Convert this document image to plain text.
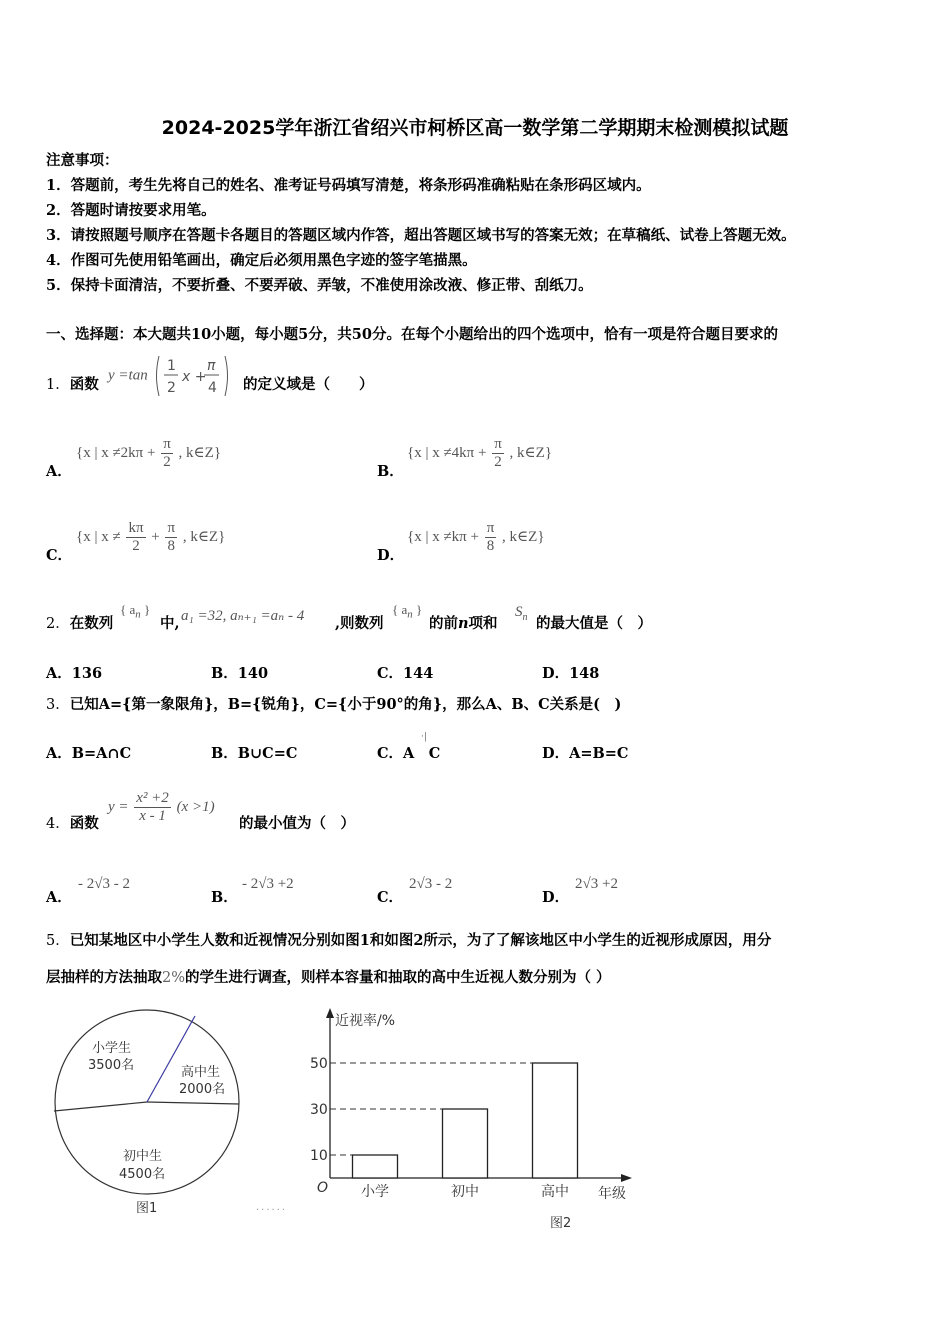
2024-2025学年浙江省绍兴市柯桥区高一数学第二学期期末检测模拟试题
注意事项：
1．答题前，考生先将自己的姓名、准考证号码填写清楚，将条形码准确粘贴在条形码区域内。
2．答题时请按要求用笔。
3．请按照题号顺序在答题卡各题目的答题区域内作答，超出答题区域书写的答案无效；在草稿纸、试卷上答题无效。
4．作图可先使用铅笔画出，确定后必须用黑色字迹的签字笔描黑。
5．保持卡面清洁，不要折叠、不要弄破、弄皱，不准使用涂改液、修正带、刮纸刀。
一、选择题：本大题共10小题，每小题5分，共50分。在每个小题给出的四个选项中，恰有一项是符合题目要求的
1．函数
y =tan
1
2
x +
π
4 的定义域是（　　）
A．
{x | $x \ne 2k\pi + \frac{\pi}{2}$ , k∈Z}
B．
{x | $x \ne 4k\pi + \frac{\pi}{2}$ , k∈Z}
C．
{x | $x \ne \frac{k\pi}{2} + \frac{\pi}{8}$ , k∈Z}
D．
{x | $x \ne k\pi + \frac{\pi}{8}$ , k∈Z}
2．在数列
{ $a_n$ }
中, a₁ =32, aₙ₊₁ =aₙ - 4 ,则数列
{ $a_n$ }
的前n项和
$S_n$ 的最大值是（　）
A．136	B．140	C．144	D．148
3．已知A={第一象限角}，B={锐角}，C={小于90°的角}，那么A、B、C关系是(　)
A．B=A∩C	B．B∪C=C	C．A　C
·|
D．A=B=C
4．函数
$y = \frac{\text{x² +2}}{x - 1} (x >1)$
的最小值为（　）
A．
- 2√3 - 2
B．
- 2√3 +2
C．
2√3 - 2
D．
2√3 +2
5．已知某地区中小学生人数和近视情况分别如图1和如图2所示，为了了解该地区中小学生的近视形成原因，用分
层抽样的方法抽取2%的学生进行调查，则样本容量和抽取的高中生近视人数分别为（ ）
小学生
3500名	高中生
2000名
初中生
4500名
图1	······
近视率/%
年级
O
10
30
50
小学	初中	高中
图2
